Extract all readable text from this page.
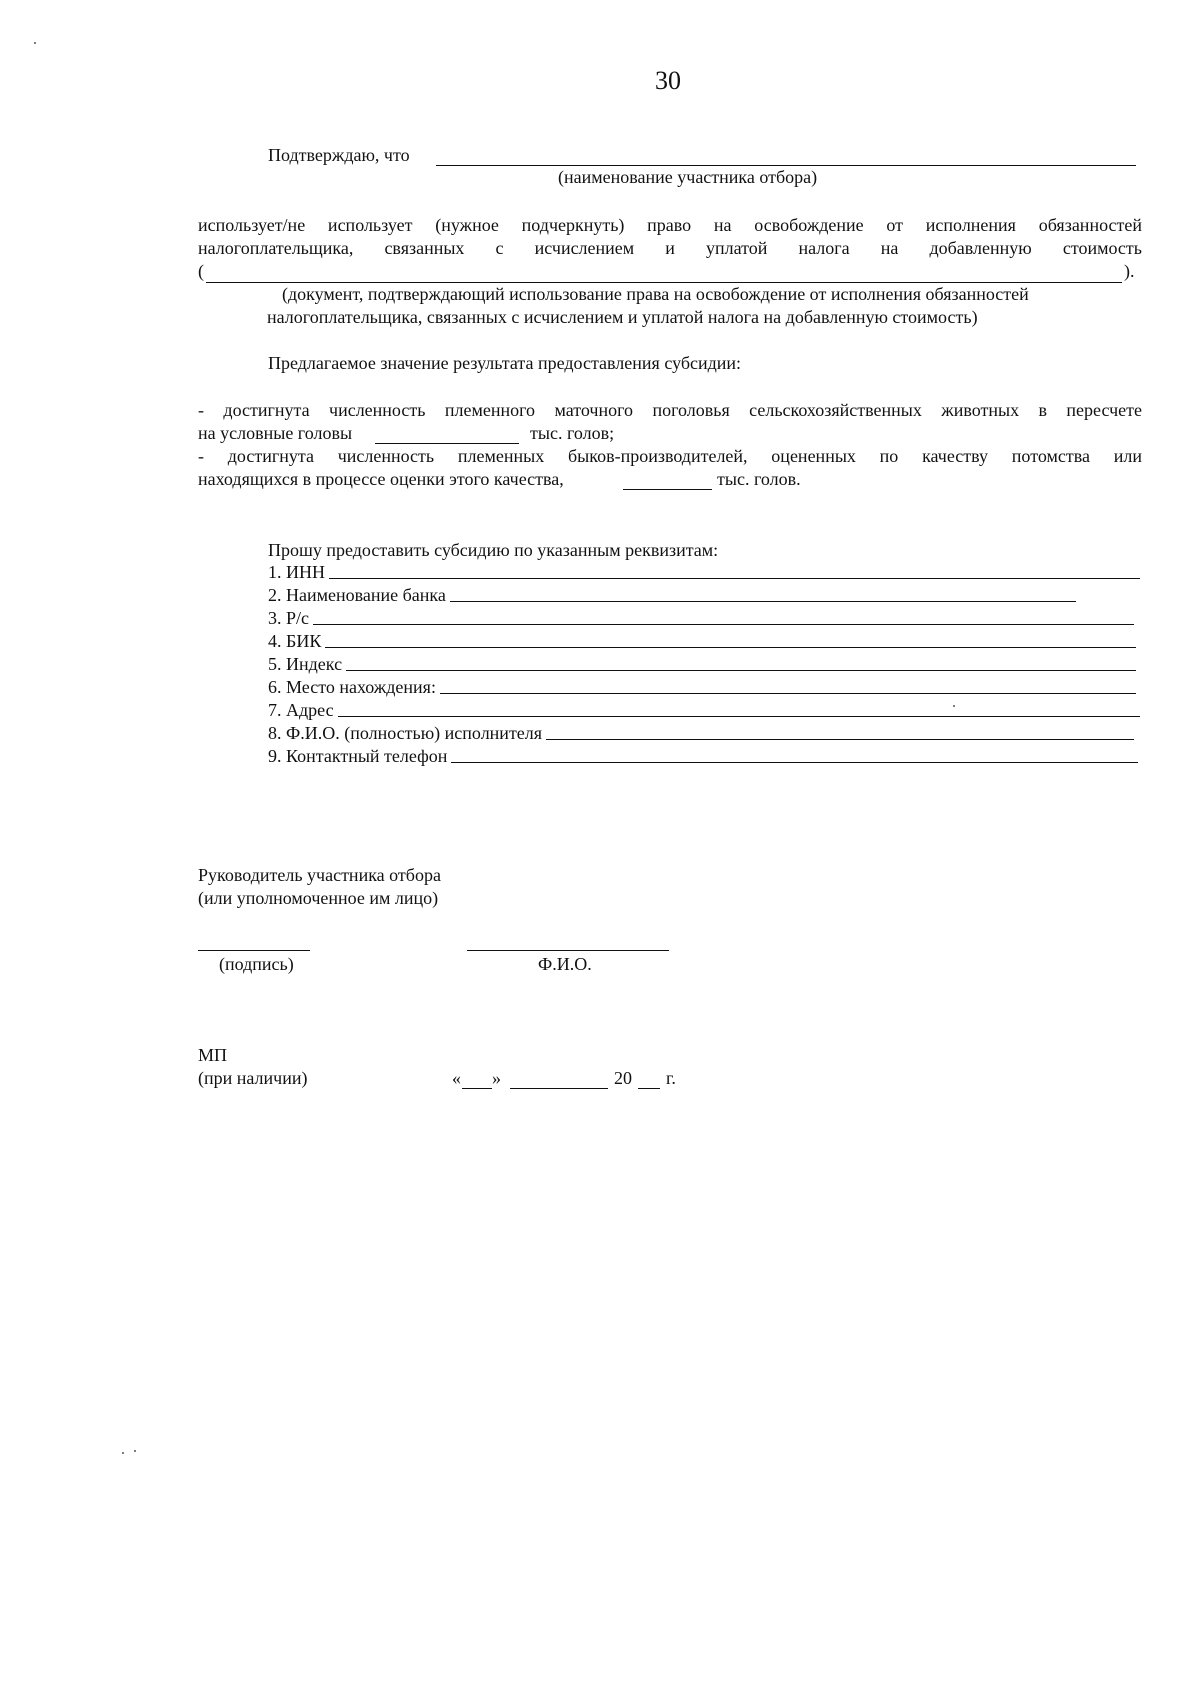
30
Подтверждаю, что
(наименование участника отбора)
использует/не использует (нужное подчеркнуть) право на освобождение от исполнения обязанностей
налогоплательщика, связанных с исчислением и уплатой налога на добавленную стоимость
(	).
(документ, подтверждающий использование права на освобождение от исполнения обязанностей
налогоплательщика, связанных с исчислением и уплатой налога на добавленную стоимость)
Предлагаемое значение результата предоставления субсидии:
- достигнута численность племенного маточного поголовья сельскохозяйственных животных в пересчете
на условные головы	тыс. голов;
- достигнута численность племенных быков-производителей, оцененных по качеству потомства или
находящихся в процессе оценки этого качества,	тыс. голов.
Прошу предоставить субсидию по указанным реквизитам:
1. ИНН
2. Наименование банка
3. Р/с
4. БИК
5. Индекс
6. Место нахождения:
7. Адрес
8. Ф.И.О. (полностью) исполнителя
9. Контактный телефон
Руководитель участника отбора
(или уполномоченное им лицо)
(подпись)	Ф.И.О.
МП
(при наличии)	« »	20 г.
